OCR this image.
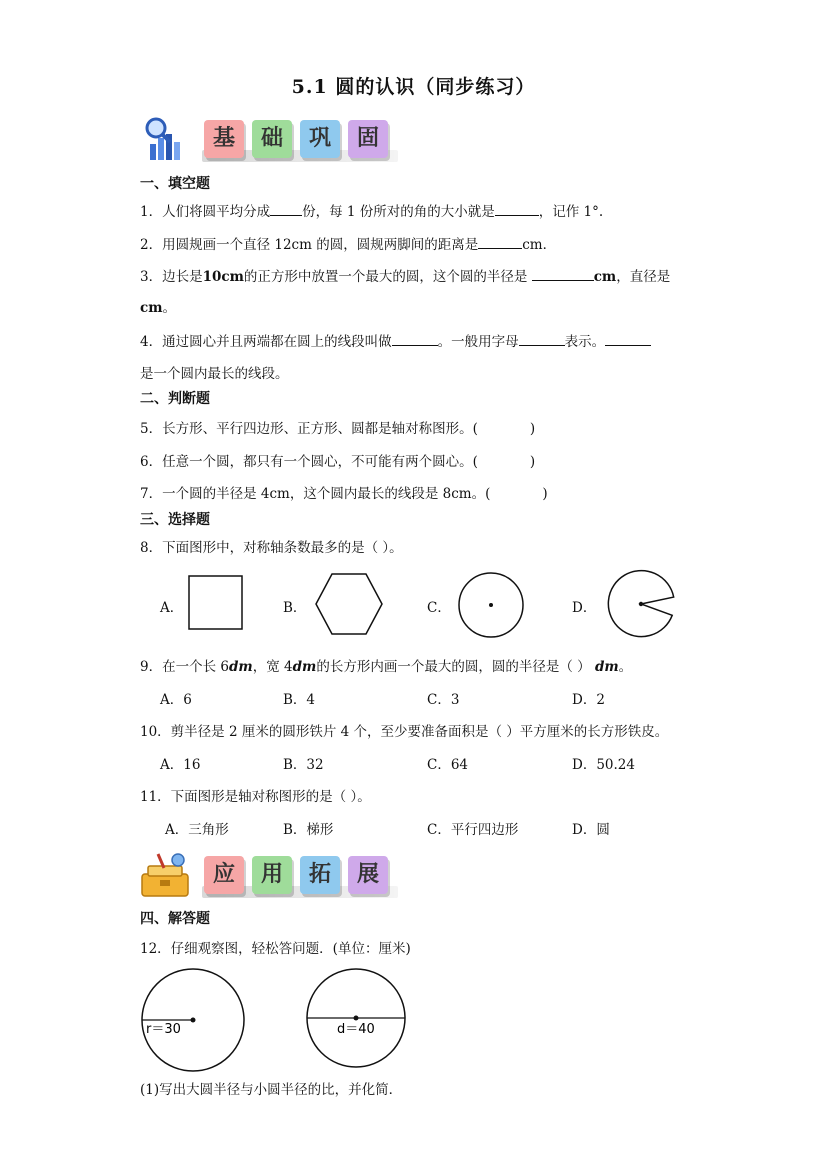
5.1 圆的认识（同步练习）
基	础	巩	固
一、填空题
1．人们将圆平均分成 份，每 1 份所对的角的大小就是	，记作 1°.
2．用圆规画一个直径 12cm 的圆，圆规两脚间的距离是	cm．
3．边长是10cm的正方形中放置一个最大的圆，这个圆的半径是	cm，直径是
cm。
4．通过圆心并且两端都在圆上的线段叫做	。一般用字母	表示。
是一个圆内最长的线段。
二、判断题
5．长方形、平行四边形、正方形、圆都是轴对称图形。(	)
6．任意一个圆，都只有一个圆心，不可能有两个圆心。(	)
7．一个圆的半径是 4cm，这个圆内最长的线段是 8cm。(	)
三、选择题
8．下面图形中，对称轴条数最多的是（ ）。
A．	B．	C．	D．
9．在一个长 6dm，宽 4dm的长方形内画一个最大的圆，圆的半径是（ ） dm。
A．6	B．4	C．3	D．2
10．剪半径是 2 厘米的圆形铁片 4 个，至少要准备面积是（ ）平方厘米的长方形铁皮。
A．16	B．32	C．64	D．50.24
11．下面图形是轴对称图形的是（ ）。
A．三角形	B．梯形	C．平行四边形	D．圆
应	用	拓	展
四、解答题
12．仔细观察图，轻松答问题．(单位：厘米)
r＝30	d＝40
(1)写出大圆半径与小圆半径的比，并化简．
